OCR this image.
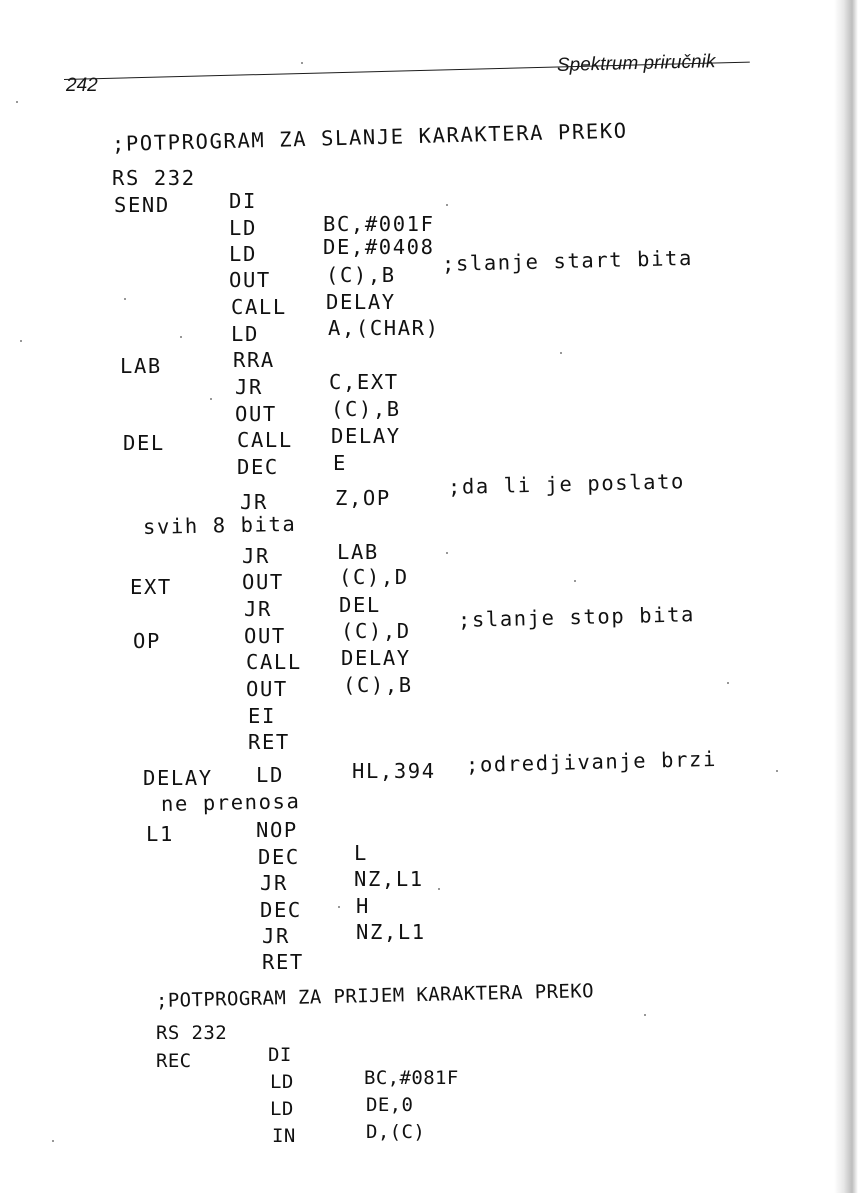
242
Spektrum priručnik
;POTPROGRAM ZA SLANJE KARAKTERA PREKO
RS 232
SEND	DI
LD	BC,#001F
LD	DE,#0408
OUT	(C),B ;slanje start bita
CALL DELAY
LD	A,(CHAR)
LAB	RRA
JR	C,EXT
OUT	(C),B
DEL	CALL DELAY
DEC	E
JR	Z,OP	;da li je poslato
svih 8 bita
JR	LAB
EXT	OUT	(C),D
JR	DEL
OP	OUT	(C),D ;slanje stop bita
CALL DELAY
OUT	(C),B
EI
RET
DELAY LD	HL,394 ;odredjivanje brzi
ne prenosa
L1	NOP
DEC	L
JR	NZ,L1
DEC	H
JR	NZ,L1
RET
;POTPROGRAM ZA PRIJEM KARAKTERA PREKO
RS 232
REC	DI
LD	BC,#081F
LD	DE,0
IN	D,(C)
